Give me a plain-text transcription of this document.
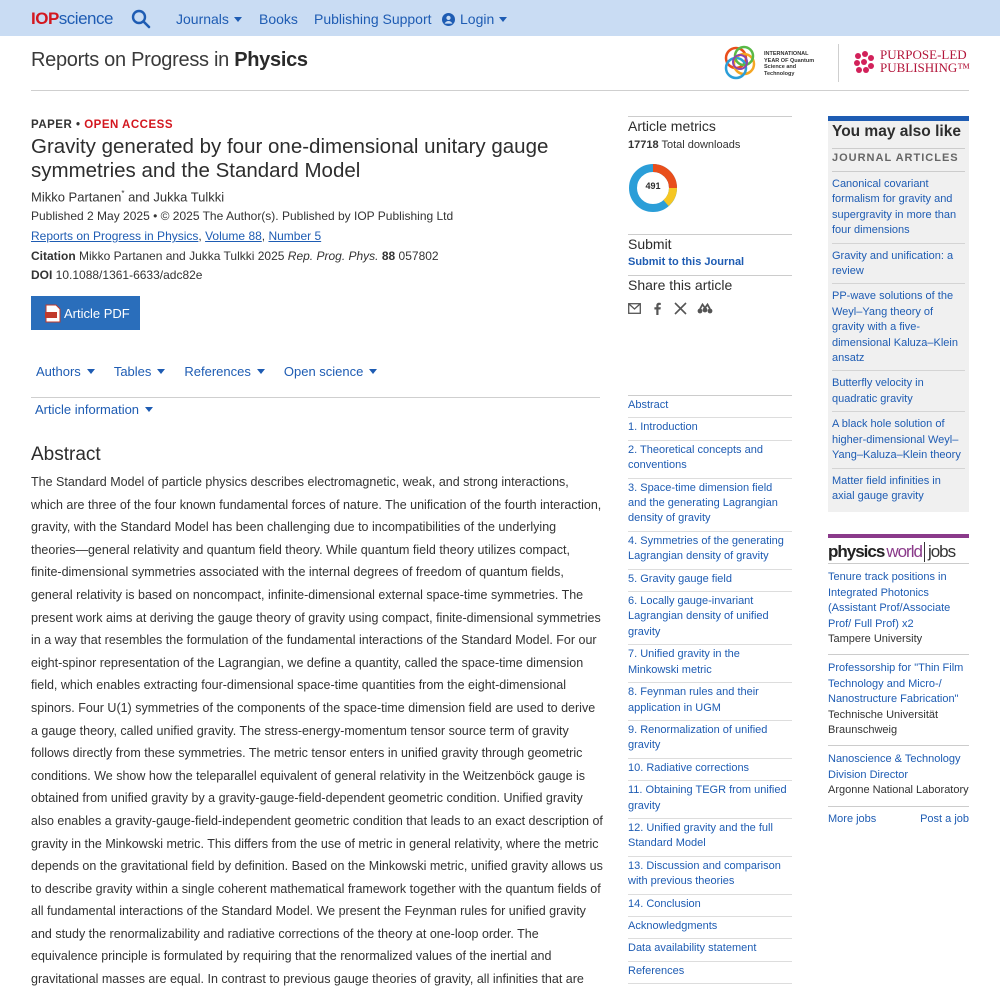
IOPscience	Journals Books Publishing Support Login
Reports on Progress in Physics	INTERNATIONAL YEAR OF Quantum Science and Technology
PURPOSE-LED
PUBLISHING™
PAPER • OPEN ACCESS
Gravity generated by four one-dimensional unitary gauge symmetries and the Standard Model
Mikko Partanen* and Jukka Tulkki
Published 2 May 2025 • © 2025 The Author(s). Published by IOP Publishing Ltd
Reports on Progress in Physics, Volume 88, Number 5
Citation Mikko Partanen and Jukka Tulkki 2025 Rep. Prog. Phys. 88 057802
DOI 10.1088/1361-6633/adc82e
Article PDF
Authors	Tables	References	Open science
Article information
Abstract

The Standard Model of particle physics describes electromagnetic, weak, and strong interactions, which are three of the four known fundamental forces of nature. The unification of the fourth interaction, gravity, with the Standard Model has been challenging due to incompatibilities of the underlying theories—general relativity and quantum field theory. While quantum field theory utilizes compact, finite-dimensional symmetries associated with the internal degrees of freedom of quantum fields, general relativity is based on noncompact, infinite-dimensional external space-time symmetries. The present work aims at deriving the gauge theory of gravity using compact, finite-dimensional symmetries in a way that resembles the formulation of the fundamental interactions of the Standard Model. For our eight-spinor representation of the Lagrangian, we define a quantity, called the space-time dimension field, which enables extracting four-dimensional space-time quantities from the eight-dimensional spinors. Four U(1) symmetries of the components of the space-time dimension field are used to derive a gauge theory, called unified gravity. The stress-energy-momentum tensor source term of gravity follows directly from these symmetries. The metric tensor enters in unified gravity through geometric conditions. We show how the teleparallel equivalent of general relativity in the Weitzenböck gauge is obtained from unified gravity by a gravity-gauge-field-dependent geometric condition. Unified gravity also enables a gravity-gauge-field-independent geometric condition that leads to an exact description of gravity in the Minkowski metric. This differs from the use of metric in general relativity, where the metric depends on the gravitational field by definition. Based on the Minkowski metric, unified gravity allows us to describe gravity within a single coherent mathematical framework together with the quantum fields of all fundamental interactions of the Standard Model. We present the Feynman rules for unified gravity and study the renormalizability and radiative corrections of the theory at one-loop order. The equivalence principle is formulated by requiring that the renormalized values of the inertial and gravitational masses are equal. In contrast to previous gauge theories of gravity, all infinities that are

Article metrics
17718 Total downloads
491
Submit
Submit to this Journal
Share this article
Abstract
1. Introduction
2. Theoretical concepts and conventions
3. Space-time dimension field and the generating Lagrangian density of gravity
4. Symmetries of the generating Lagrangian density of gravity
5. Gravity gauge field
6. Locally gauge-invariant Lagrangian density of unified gravity
7. Unified gravity in the Minkowski metric
8. Feynman rules and their application in UGM
9. Renormalization of unified gravity
10. Radiative corrections
11. Obtaining TEGR from unified gravity
12. Unified gravity and the full Standard Model
13. Discussion and comparison with previous theories
14. Conclusion
Acknowledgments
Data availability statement
References
You may also like
JOURNAL ARTICLES
Canonical covariant formalism for gravity and supergravity in more than four dimensions
Gravity and unification: a review
PP-wave solutions of the Weyl–Yang theory of gravity with a five-dimensional Kaluza–Klein ansatz
Butterfly velocity in quadratic gravity
A black hole solution of higher-dimensional Weyl–Yang–Kaluza–Klein theory
Matter field infinities in axial gauge gravity
physics world jobs
Tenure track positions in Integrated Photonics (Assistant Prof/Associate Prof/ Full Prof) x2
Tampere University
Professorship for "Thin Film Technology and Micro-/ Nanostructure Fabrication"
Technische Universität Braunschweig
Nanoscience & Technology Division Director
Argonne National Laboratory
More jobs	Post a job
